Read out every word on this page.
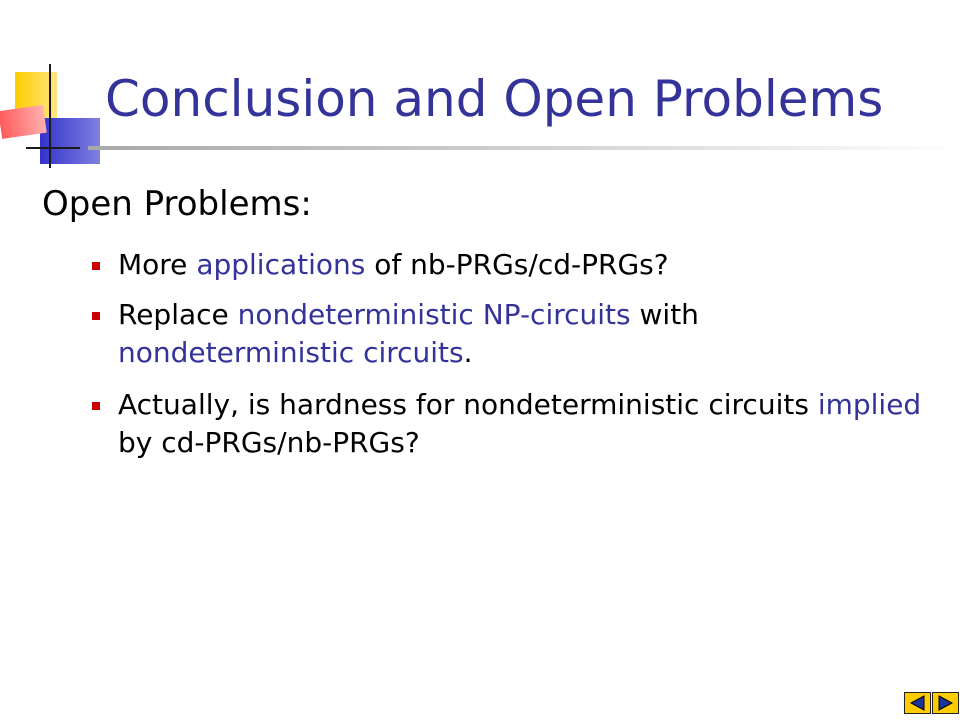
Conclusion and Open Problems
Open Problems:
More applications of nb-PRGs/cd-PRGs?
Replace nondeterministic NP-circuits with nondeterministic circuits.
Actually, is hardness for nondeterministic circuits implied by cd-PRGs/nb-PRGs?
